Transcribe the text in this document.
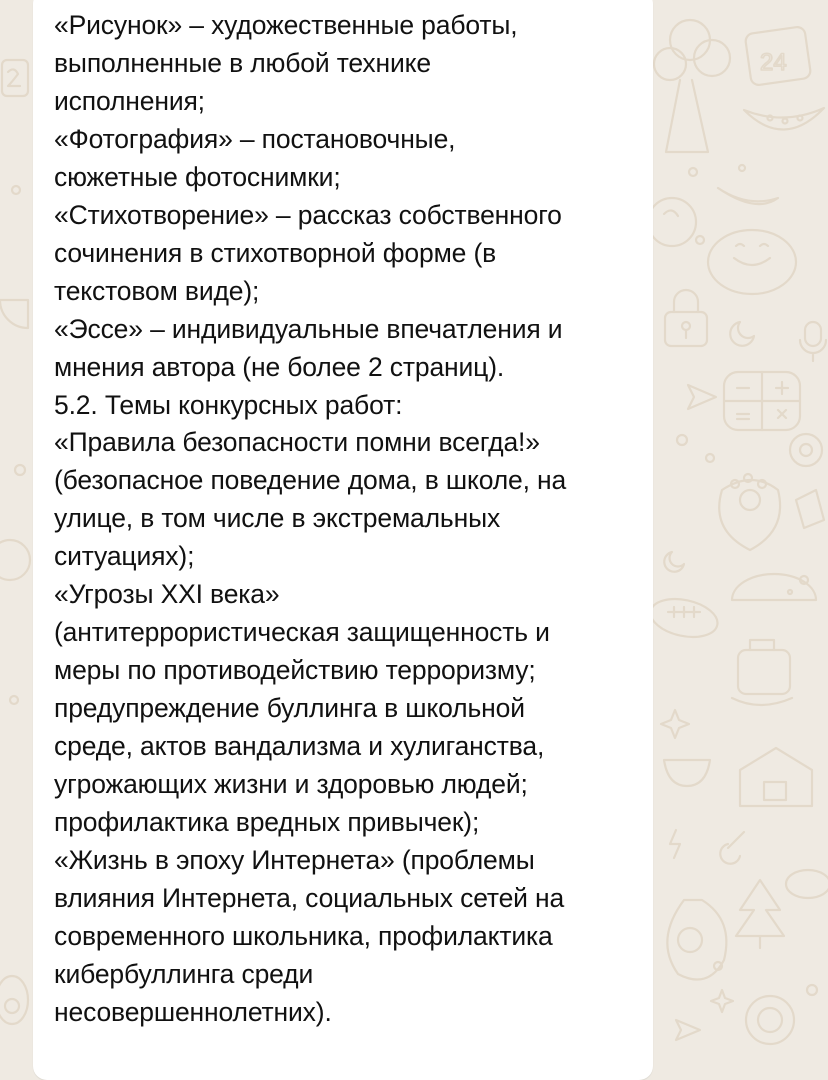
24

«Рисунок» – художественные работы,
выполненные в любой технике
исполнения;
«Фотография» – постановочные,
сюжетные фотоснимки;
«Стихотворение» – рассказ собственного
сочинения в стихотворной форме (в
текстовом виде);
«Эссе» – индивидуальные впечатления и
мнения автора (не более 2 страниц).
5.2. Темы конкурсных работ:
«Правила безопасности помни всегда!»
(безопасное поведение дома, в школе, на
улице, в том числе в экстремальных
ситуациях);
«Угрозы XXI века»
(антитеррористическая защищенность и
меры по противодействию терроризму;
предупреждение буллинга в школьной
среде, актов вандализма и хулиганства,
угрожающих жизни и здоровью людей;
профилактика вредных привычек);
«Жизнь в эпоху Интернета» (проблемы
влияния Интернета, социальных сетей на
современного школьника, профилактика
кибербуллинга среди
несовершеннолетних).
